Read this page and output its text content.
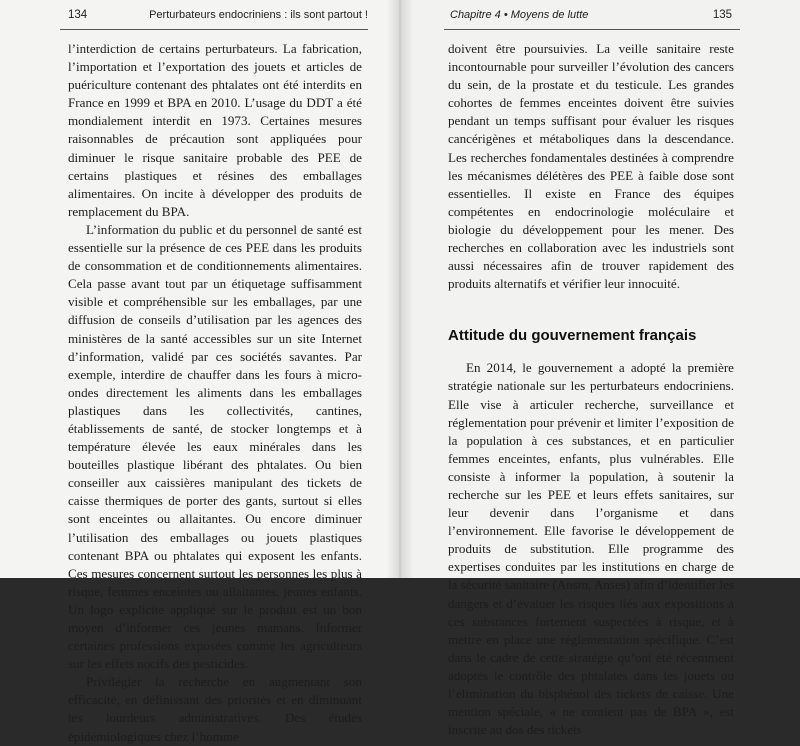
134	Perturbateurs endocriniens : ils sont partout !

l’interdiction de certains perturbateurs. La fabrication, l’importation et l’exportation des jouets et articles de puériculture contenant des phtalates ont été interdits en France en 1999 et BPA en 2010. L’usage du DDT a été mondialement interdit en 1973. Certaines mesures raisonnables de précaution sont appliquées pour diminuer le risque sanitaire probable des PEE de certains plastiques et résines des emballages alimentaires. On incite à développer des produits de remplacement du BPA.

L’information du public et du personnel de santé est essentielle sur la présence de ces PEE dans les produits de consommation et de conditionnements alimentaires. Cela passe avant tout par un étiquetage suffisamment visible et compréhensible sur les emballages, par une diffusion de conseils d’utilisation par les agences des ministères de la santé accessibles sur un site Internet d’information, validé par ces sociétés savantes. Par exemple, interdire de chauffer dans les fours à micro-ondes directement les aliments dans les emballages plastiques dans les collectivités, cantines, établissements de santé, de stocker longtemps et à température élevée les eaux minérales dans les bouteilles plastique libérant des phtalates. Ou bien conseiller aux caissières manipulant des tickets de caisse thermiques de porter des gants, surtout si elles sont enceintes ou allaitantes. Ou encore diminuer l’utilisation des emballages ou jouets plastiques contenant BPA ou phtalates qui exposent les enfants. Ces mesures concernent surtout les personnes les plus à risque, femmes enceintes ou allaitantes, jeunes enfants. Un logo explicite appliqué sur le produit est un bon moyen d’informer ces jeunes mamans. Informer certaines professions exposées comme les agriculteurs sur les effets nocifs des pesticides.

Privilégier la recherche en augmentant son efficacité, en définissant des priorités et en diminuant les lourdeurs administratives. Des études épidémiologiques chez l’homme

Chapitre 4 • Moyens de lutte	135

doivent être poursuivies. La veille sanitaire reste incontournable pour surveiller l’évolution des cancers du sein, de la prostate et du testicule. Les grandes cohortes de femmes enceintes doivent être suivies pendant un temps suffisant pour évaluer les risques cancérigènes et métaboliques dans la descendance. Les recherches fondamentales destinées à comprendre les mécanismes délétères des PEE à faible dose sont essentielles. Il existe en France des équipes compétentes en endocrinologie moléculaire et biologie du développement pour les mener. Des recherches en collaboration avec les industriels sont aussi nécessaires afin de trouver rapidement des produits alternatifs et vérifier leur innocuité.

Attitude du gouvernement français

En 2014, le gouvernement a adopté la première stratégie nationale sur les perturbateurs endocriniens. Elle vise à articuler recherche, surveillance et réglementation pour prévenir et limiter l’exposition de la population à ces substances, et en particulier femmes enceintes, enfants, plus vulnérables. Elle consiste à informer la population, à soutenir la recherche sur les PEE et leurs effets sanitaires, sur leur devenir dans l’organisme et dans l’environnement. Elle favorise le développement de produits de substitution. Elle programme des expertises conduites par les institutions en charge de la sécurité sanitaire (Ansm, Anses) afin d’identifier les dangers et d’évaluer les risques liés aux expositions à ces substances fortement suspectées à risque, et à mettre en place une réglementation spécifique. C’est dans le cadre de cette stratégie qu’ont été récemment adoptés le contrôle des phtalates dans les jouets ou l’élimination du bisphénol des tickets de caisse. Une mention spéciale, « ne contient pas de BPA », est inscrite au dos des tickets
